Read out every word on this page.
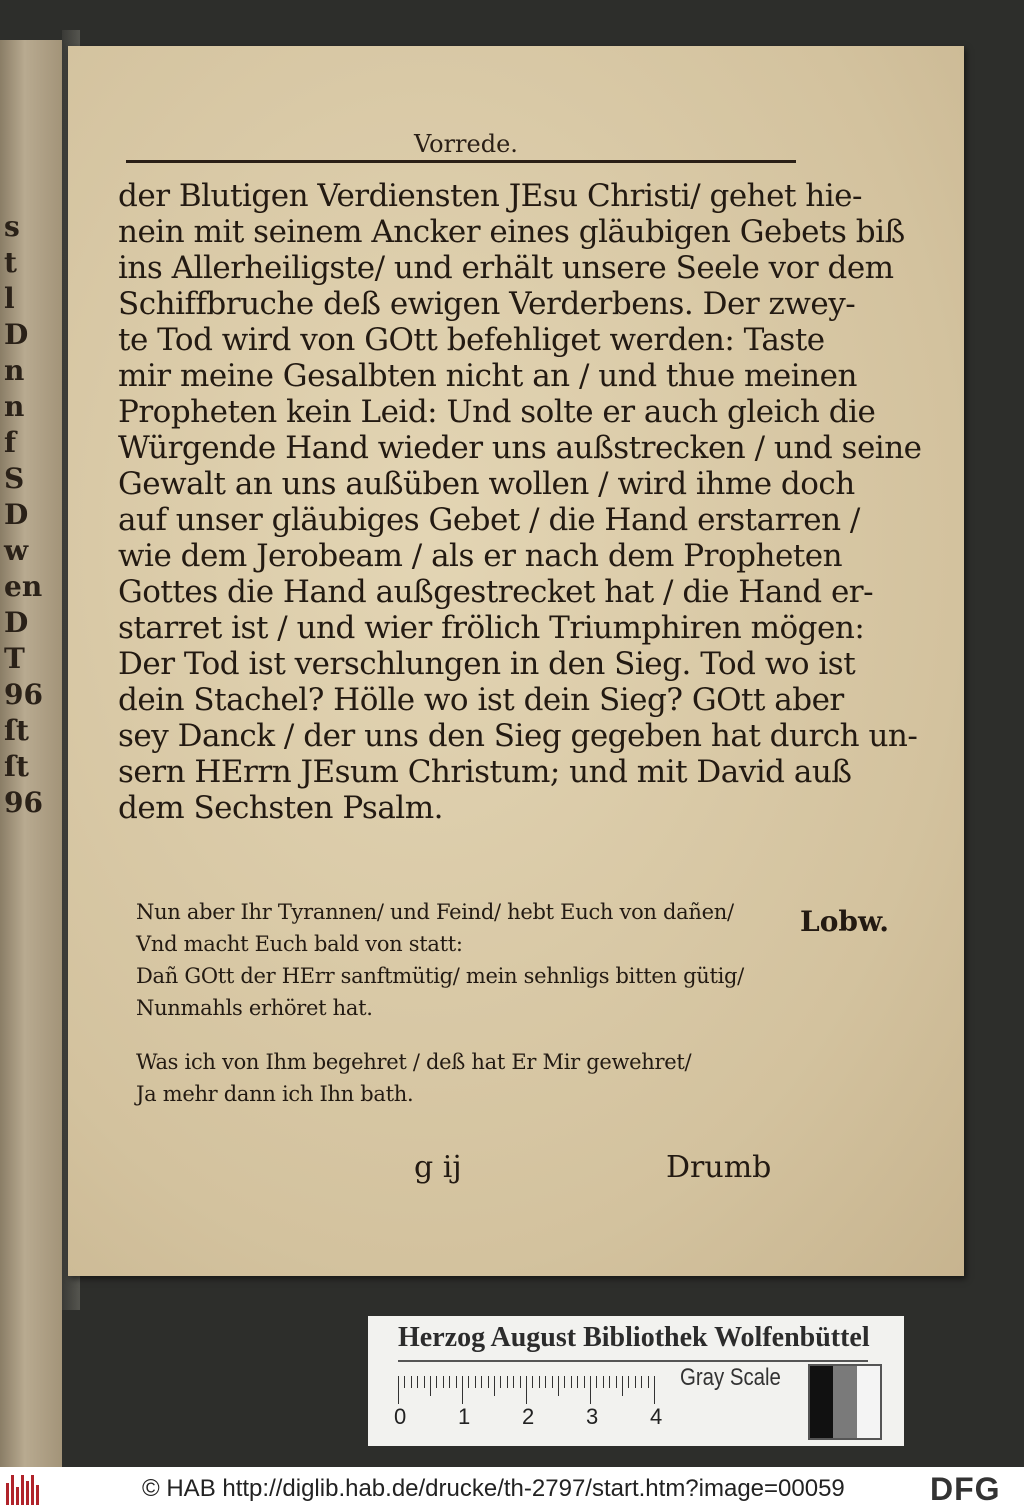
s
t
l
D
n
n
f
S
D
w
en
D
T
96
ſt
ſt
96
Vorrede.
der Blutigen Verdiensten JEsu Christi/ gehet hie-
nein mit seinem Ancker eines gläubigen Gebets biß
ins Allerheiligste/ und erhält unsere Seele vor dem
Schiffbruche deß ewigen Verderbens. Der zwey-
te Tod wird von GOtt befehliget werden: Taste
mir meine Gesalbten nicht an / und thue meinen
Propheten kein Leid: Und solte er auch gleich die
Würgende Hand wieder uns außstrecken / und seine
Gewalt an uns außüben wollen / wird ihme doch
auf unser gläubiges Gebet / die Hand erstarren /
wie dem Jerobeam / als er nach dem Propheten
Gottes die Hand außgestrecket hat / die Hand er-
starret ist / und wier frölich Triumphiren mögen:
Der Tod ist verschlungen in den Sieg. Tod wo ist
dein Stachel? Hölle wo ist dein Sieg? GOtt aber
sey Danck / der uns den Sieg gegeben hat durch un-
sern HErrn JEsum Christum; und mit David auß
dem Sechsten Psalm.
Nun aber Ihr Tyrannen/ und Feind/ hebt Euch von dañen/
Vnd macht Euch bald von statt:
Dañ GOtt der HErr sanftmütig/ mein sehnligs bitten gütig/
Nunmahls erhöret hat.
Lobw.
Was ich von Ihm begehret / deß hat Er Mir gewehret/
Ja mehr dann ich Ihn bath.
g ij	Drumb
Herzog August Bibliothek Wolfenbüttel
0 1 2 3 4
Gray Scale
© HAB http://diglib.hab.de/drucke/th-2797/start.htm?image=00059	DFG
